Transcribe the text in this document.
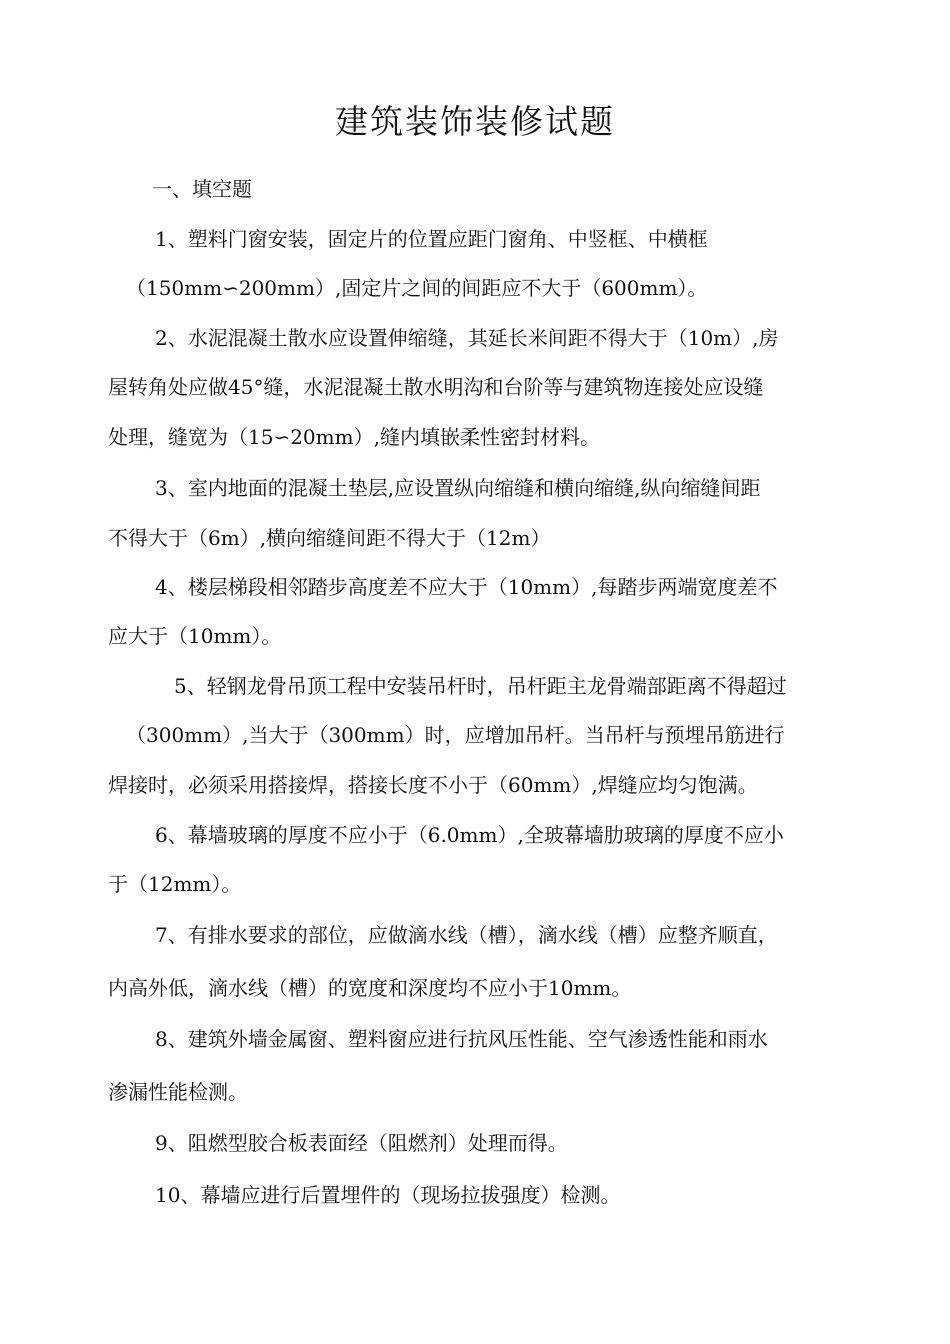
建筑装饰装修试题

一、填空题

1、塑料门窗安装，固定片的位置应距门窗角、中竖框、中横框

（150mm∽200mm）,固定片之间的间距应不大于（600mm）。

2、水泥混凝土散水应设置伸缩缝，其延长米间距不得大于（10m）,房

屋转角处应做45°缝，水泥混凝土散水明沟和台阶等与建筑物连接处应设缝

处理，缝宽为（15∽20mm）,缝内填嵌柔性密封材料。

3、室内地面的混凝土垫层,应设置纵向缩缝和横向缩缝,纵向缩缝间距

不得大于（6m）,横向缩缝间距不得大于（12m）

4、楼层梯段相邻踏步高度差不应大于（10mm）,每踏步两端宽度差不

应大于（10mm）。

5、轻钢龙骨吊顶工程中安装吊杆时，吊杆距主龙骨端部距离不得超过

（300mm）,当大于（300mm）时，应增加吊杆。当吊杆与预埋吊筋进行

焊接时，必须采用搭接焊，搭接长度不小于（60mm）,焊缝应均匀饱满。

6、幕墙玻璃的厚度不应小于（6.0mm）,全玻幕墙肋玻璃的厚度不应小

于（12mm）。

7、有排水要求的部位，应做滴水线（槽），滴水线（槽）应整齐顺直，

内高外低，滴水线（槽）的宽度和深度均不应小于10mm。

8、建筑外墙金属窗、塑料窗应进行抗风压性能、空气渗透性能和雨水

渗漏性能检测。

9、阻燃型胶合板表面经（阻燃剂）处理而得。

10、幕墙应进行后置埋件的（现场拉拔强度）检测。
